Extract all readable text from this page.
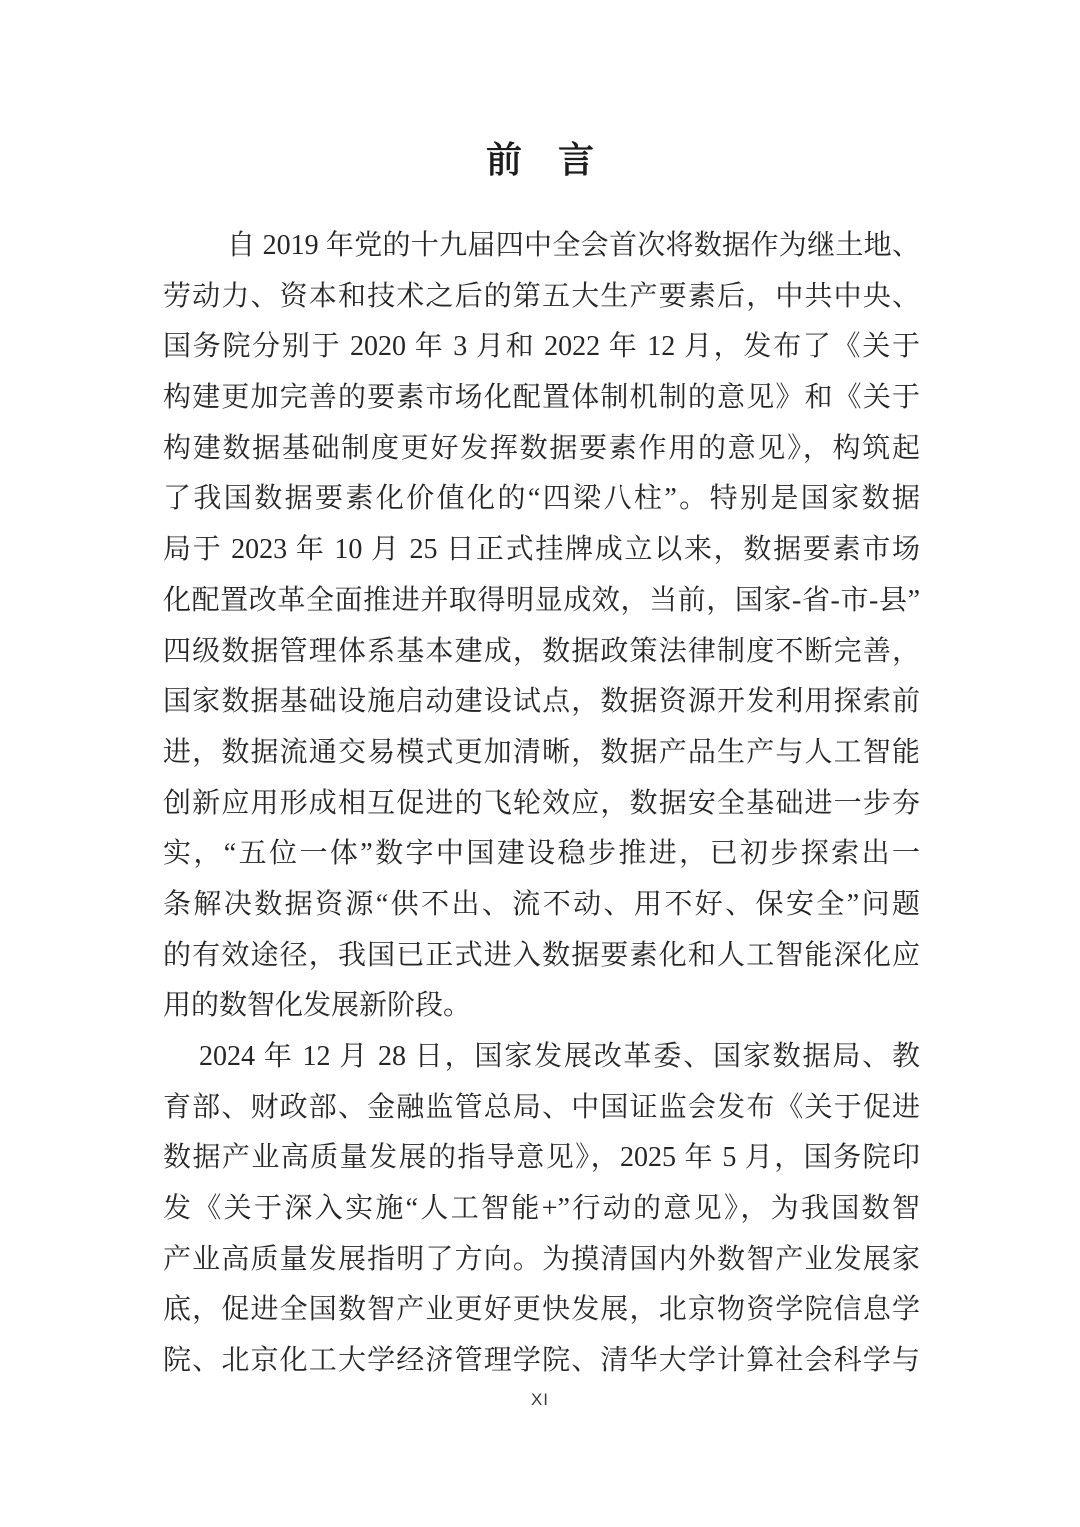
前　言
自 2019 年党的十九届四中全会首次将数据作为继土地、
劳动力、资本和技术之后的第五大生产要素后，中共中央、
国务院分别于 2020 年 3 月和 2022 年 12 月，发布了《关于
构建更加完善的要素市场化配置体制机制的意见》和《关于
构建数据基础制度更好发挥数据要素作用的意见》，构筑起
了我国数据要素化价值化的“四梁八柱”。特别是国家数据
局于 2023 年 10 月 25 日正式挂牌成立以来，数据要素市场
化配置改革全面推进并取得明显成效，当前，国家-省-市-县”
四级数据管理体系基本建成，数据政策法律制度不断完善，
国家数据基础设施启动建设试点，数据资源开发利用探索前
进，数据流通交易模式更加清晰，数据产品生产与人工智能
创新应用形成相互促进的飞轮效应，数据安全基础进一步夯
实，“五位一体”数字中国建设稳步推进，已初步探索出一
条解决数据资源“供不出、流不动、用不好、保安全”问题
的有效途径，我国已正式进入数据要素化和人工智能深化应
用的数智化发展新阶段。
2024 年 12 月 28 日，国家发展改革委、国家数据局、教
育部、财政部、金融监管总局、中国证监会发布《关于促进
数据产业高质量发展的指导意见》，2025 年 5 月，国务院印
发《关于深入实施“人工智能+”行动的意见》，为我国数智
产业高质量发展指明了方向。为摸清国内外数智产业发展家
底，促进全国数智产业更好更快发展，北京物资学院信息学
院、北京化工大学经济管理学院、清华大学计算社会科学与
XI
